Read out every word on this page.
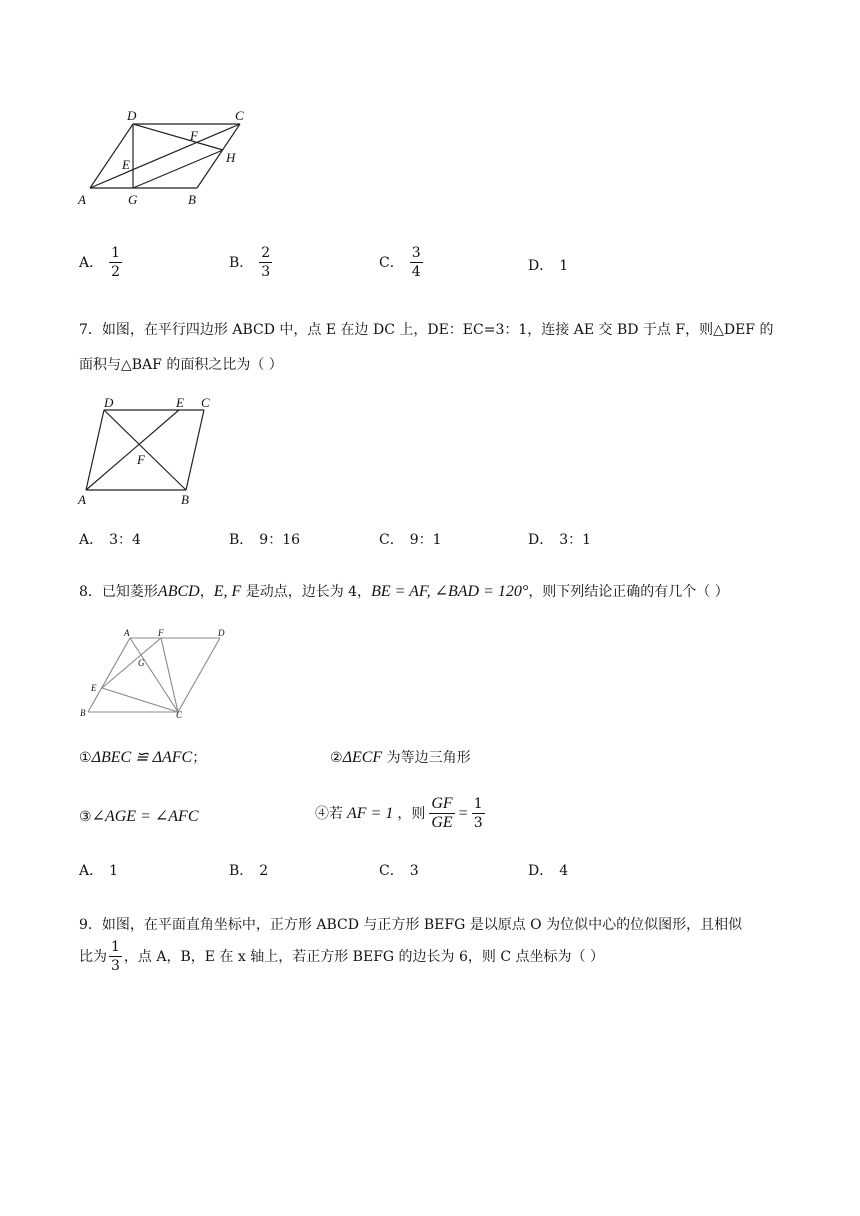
D	C
F
E	H
A	G	B
A． $\frac{1}{2}$	B． $\frac{2}{3}$	C． $\frac{3}{4}$	D． 1
7．如图，在平行四边形 ABCD 中，点 E 在边 DC 上，DE：EC=3：1，连接 AE 交 BD 于点 F，则△DEF 的
面积与△BAF 的面积之比为（ ）
D	E C
F
A	B
A． 3：4	B． 9：16	C． 9：1	D． 3：1
8．已知菱形ABCD，E, F 是动点，边长为 4，BE = AF, ∠BAD = 120°，则下列结论正确的有几个（ ）
A	F	D
G
E
B	C
①ΔBEC ≌ ΔAFC；	②ΔECF 为等边三角形
③∠AGE = ∠AFC	④若 AF = 1 ，则 $\frac{GF}{GE} = \frac{1}{3}$
A． 1	B． 2	C． 3	D． 4
9．如图，在平面直角坐标中，正方形 ABCD 与正方形 BEFG 是以原点 O 为位似中心的位似图形，且相似
比为 $\frac{1}{3}$ ，点 A，B，E 在 x 轴上，若正方形 BEFG 的边长为 6，则 C 点坐标为（ ）
